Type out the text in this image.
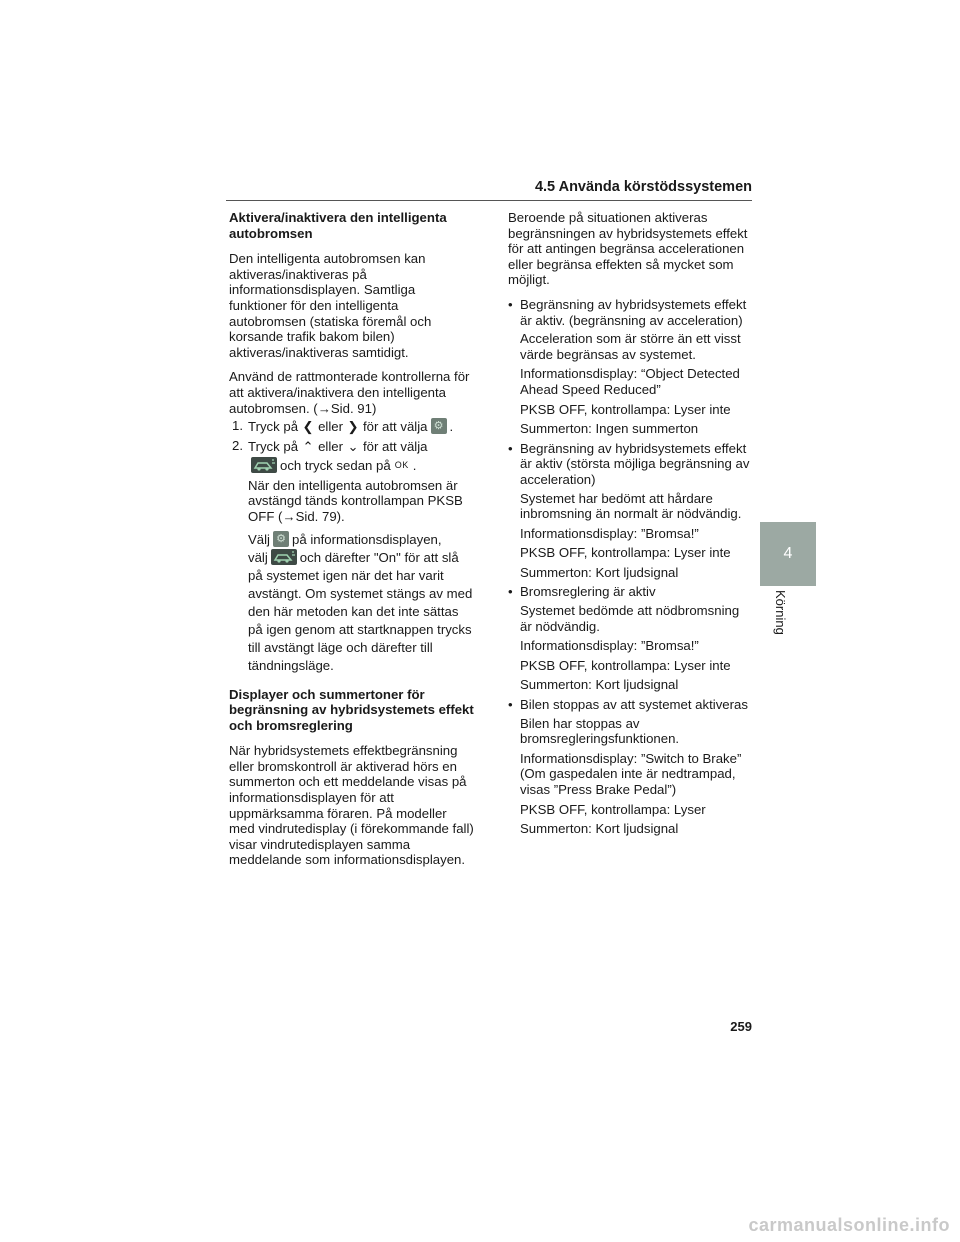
4.5 Använda körstödssystemen
Aktivera/inaktivera den intelligenta autobromsen
Den intelligenta autobromsen kan aktiveras/inaktiveras på informationsdisplayen. Samtliga funktioner för den intelligenta autobromsen (statiska föremål och korsande trafik bakom bilen) aktiveras/inaktiveras samtidigt.
Använd de rattmonterade kontrollerna för att aktivera/inaktivera den intelligenta autobromsen. (→Sid. 91)
1. Tryck på ❮ eller ❯ för att välja ⚙ .
2. Tryck på ⌃ eller ⌄ för att välja

och tryck sedan på OK .
När den intelligenta autobromsen är avstängd tänds kontrollampan PKSB OFF (→Sid. 79).
Välj ⚙ på informationsdisplayen,
välj och därefter "On" för att slå
på systemet igen när det har varit avstängt. Om systemet stängs av med den här metoden kan det inte sättas på igen genom att startknappen trycks till avstängt läge och därefter till tändningsläge.
Displayer och summertoner för begränsning av hybridsystemets effekt och bromsreglering
När hybridsystemets effektbegränsning eller bromskontroll är aktiverad hörs en summerton och ett meddelande visas på informationsdisplayen för att uppmärksamma föraren. På modeller med vindrutedisplay (i förekommande fall) visar vindrutedisplayen samma meddelande som informationsdisplayen.
Beroende på situationen aktiveras begränsningen av hybridsystemets effekt för att antingen begränsa accelerationen eller begränsa effekten så mycket som möjligt.
• Begränsning av hybridsystemets effekt är aktiv. (begränsning av acceleration)
Acceleration som är större än ett visst värde begränsas av systemet.
Informationsdisplay: “Object Detected Ahead Speed Reduced”
PKSB OFF, kontrollampa: Lyser inte
Summerton: Ingen summerton
• Begränsning av hybridsystemets effekt är aktiv (största möjliga begränsning av acceleration)
Systemet har bedömt att hårdare inbromsning än normalt är nödvändig.
Informationsdisplay: ”Bromsa!”
PKSB OFF, kontrollampa: Lyser inte
Summerton: Kort ljudsignal
• Bromsreglering är aktiv
Systemet bedömde att nödbromsning är nödvändig.
Informationsdisplay: ”Bromsa!”
PKSB OFF, kontrollampa: Lyser inte
Summerton: Kort ljudsignal
• Bilen stoppas av att systemet aktiveras
Bilen har stoppas av bromsregleringsfunktionen.
Informationsdisplay: ”Switch to Brake” (Om gaspedalen inte är nedtrampad, visas ”Press Brake Pedal”)
PKSB OFF, kontrollampa: Lyser
Summerton: Kort ljudsignal
4
Körning
259
carmanualsonline.info
